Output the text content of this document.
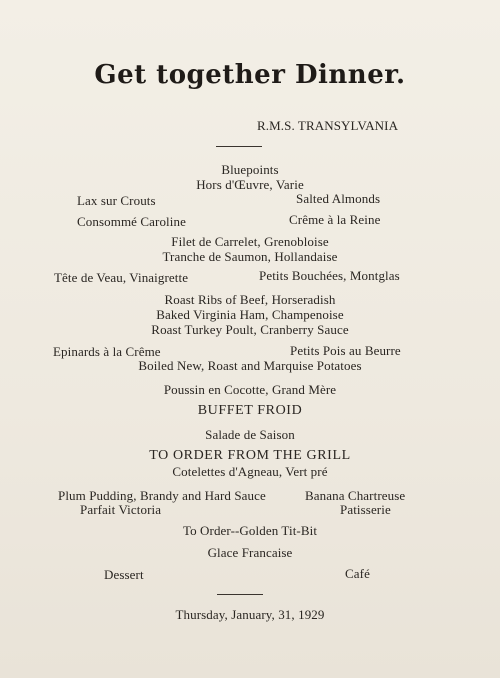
Get together Dinner.
R.M.S. TRANSYLVANIA
Bluepoints
Hors d'Œuvre, Varie
Lax sur Crouts	Salted Almonds
Consommé Caroline	Crême à la Reine
Filet de Carrelet, Grenobloise
Tranche de Saumon, Hollandaise
Tête de Veau, Vinaigrette	Petits Bouchées, Montglas
Roast Ribs of Beef, Horseradish
Baked Virginia Ham, Champenoise
Roast Turkey Poult, Cranberry Sauce
Epinards à la Crême	Petits Pois au Beurre
Boiled New, Roast and Marquise Potatoes
Poussin en Cocotte, Grand Mère
BUFFET FROID
Salade de Saison
TO ORDER FROM THE GRILL
Cotelettes d'Agneau, Vert pré
Plum Pudding, Brandy and Hard Sauce	Banana Chartreuse
Parfait Victoria	Patisserie
To Order--Golden Tit-Bit
Glace Francaise
Dessert	Café
Thursday, January, 31, 1929
